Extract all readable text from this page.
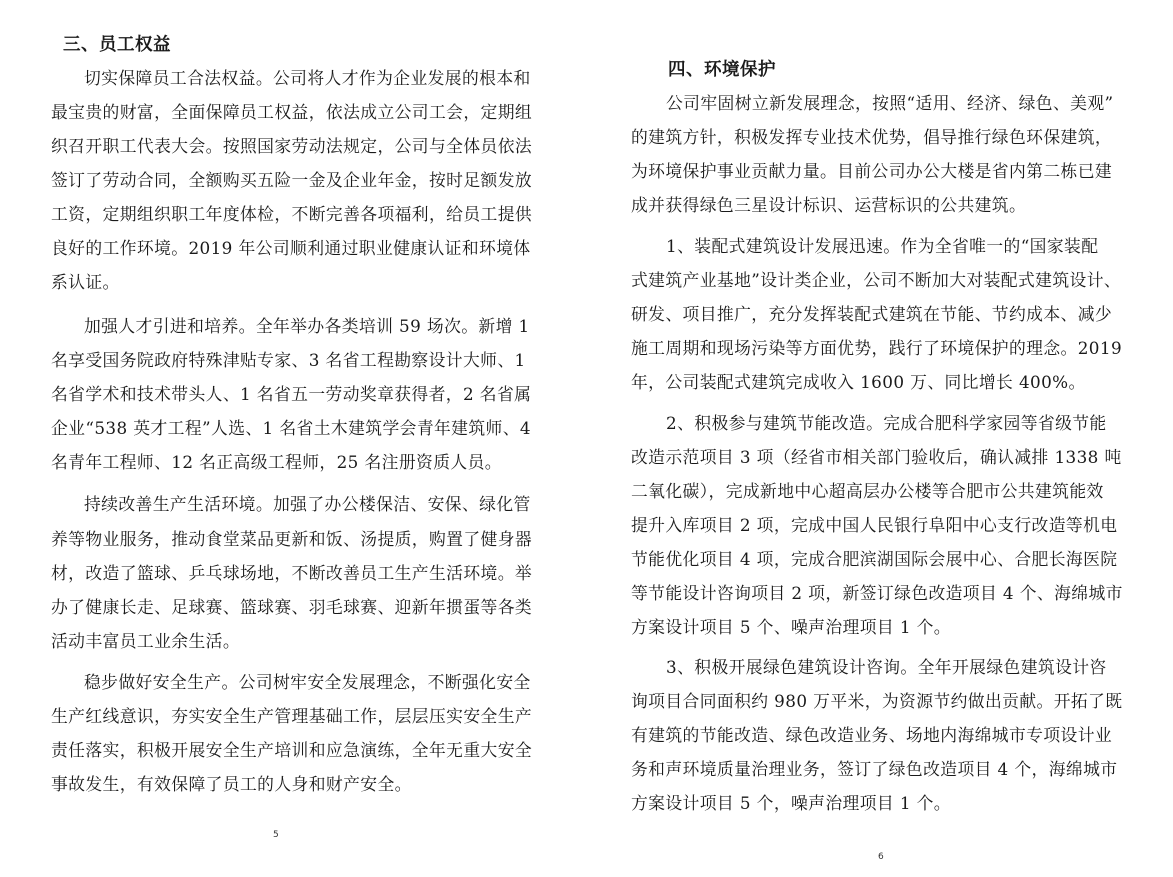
三、员工权益

切实保障员工合法权益。公司将人才作为企业发展的根本和

最宝贵的财富，全面保障员工权益，依法成立公司工会，定期组

织召开职工代表大会。按照国家劳动法规定，公司与全体员依法

签订了劳动合同，全额购买五险一金及企业年金，按时足额发放

工资，定期组织职工年度体检，不断完善各项福利，给员工提供

良好的工作环境。2019 年公司顺利通过职业健康认证和环境体

系认证。

加强人才引进和培养。全年举办各类培训 59 场次。新增 1

名享受国务院政府特殊津贴专家、3 名省工程勘察设计大师、1

名省学术和技术带头人、1 名省五一劳动奖章获得者，2 名省属

企业“538 英才工程”人选、1 名省土木建筑学会青年建筑师、4

名青年工程师、12 名正高级工程师，25 名注册资质人员。

持续改善生产生活环境。加强了办公楼保洁、安保、绿化管

养等物业服务，推动食堂菜品更新和饭、汤提质，购置了健身器

材，改造了篮球、乒乓球场地，不断改善员工生产生活环境。举

办了健康长走、足球赛、篮球赛、羽毛球赛、迎新年掼蛋等各类

活动丰富员工业余生活。

稳步做好安全生产。公司树牢安全发展理念，不断强化安全

生产红线意识，夯实安全生产管理基础工作，层层压实安全生产

责任落实，积极开展安全生产培训和应急演练，全年无重大安全

事故发生，有效保障了员工的人身和财产安全。

5
四、环境保护

公司牢固树立新发展理念，按照“适用、经济、绿色、美观”

的建筑方针，积极发挥专业技术优势，倡导推行绿色环保建筑，

为环境保护事业贡献力量。目前公司办公大楼是省内第二栋已建

成并获得绿色三星设计标识、运营标识的公共建筑。

1、装配式建筑设计发展迅速。作为全省唯一的“国家装配

式建筑产业基地”设计类企业，公司不断加大对装配式建筑设计、

研发、项目推广，充分发挥装配式建筑在节能、节约成本、减少

施工周期和现场污染等方面优势，践行了环境保护的理念。2019

年，公司装配式建筑完成收入 1600 万、同比增长 400%。

2、积极参与建筑节能改造。完成合肥科学家园等省级节能

改造示范项目 3 项（经省市相关部门验收后，确认减排 1338 吨

二氧化碳），完成新地中心超高层办公楼等合肥市公共建筑能效

提升入库项目 2 项，完成中国人民银行阜阳中心支行改造等机电

节能优化项目 4 项，完成合肥滨湖国际会展中心、合肥长海医院

等节能设计咨询项目 2 项，新签订绿色改造项目 4 个、海绵城市

方案设计项目 5 个、噪声治理项目 1 个。

3、积极开展绿色建筑设计咨询。全年开展绿色建筑设计咨

询项目合同面积约 980 万平米，为资源节约做出贡献。开拓了既

有建筑的节能改造、绿色改造业务、场地内海绵城市专项设计业

务和声环境质量治理业务，签订了绿色改造项目 4 个，海绵城市

方案设计项目 5 个，噪声治理项目 1 个。

6
